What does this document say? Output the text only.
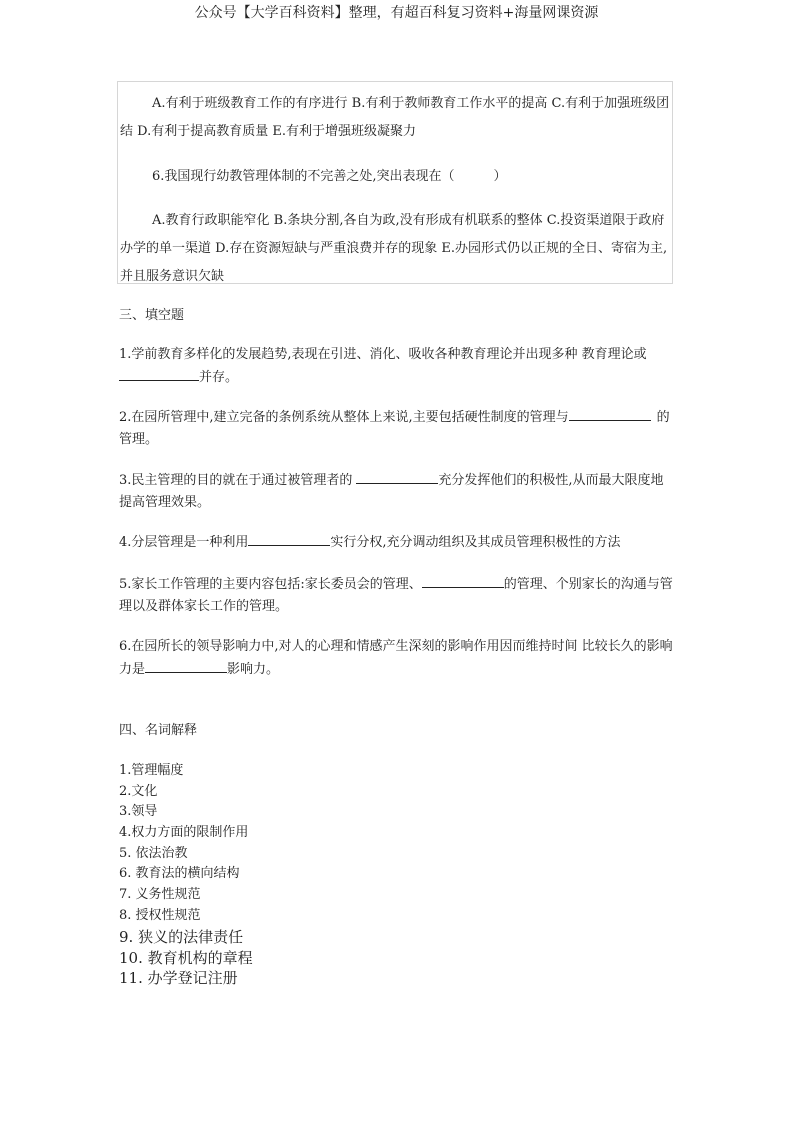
公众号【大学百科资料】整理，有超百科复习资料+海量网课资源

A.有利于班级教育工作的有序进行 B.有利于教师教育工作水平的提高 C.有利于加强班级团结 D.有利于提高教育质量 E.有利于增强班级凝聚力

6.我国现行幼教管理体制的不完善之处,突出表现在（　　　）

A.教育行政职能窄化 B.条块分割,各自为政,没有形成有机联系的整体 C.投资渠道限于政府办学的单一渠道 D.存在资源短缺与严重浪费并存的现象 E.办园形式仍以正规的全日、寄宿为主,并且服务意识欠缺

三、填空题

1.学前教育多样化的发展趋势,表现在引进、消化、吸收各种教育理论并出现多种 教育理论或并存。

2.在园所管理中,建立完备的条例系统从整体上来说,主要包括硬性制度的管理与	的管理。

3.民主管理的目的就在于通过被管理者的	充分发挥他们的积极性,从而最大限度地提高管理效果。

4.分层管理是一种利用	实行分权,充分调动组织及其成员管理积极性的方法

5.家长工作管理的主要内容包括:家长委员会的管理、	的管理、个别家长的沟通与管理以及群体家长工作的管理。

6.在园所长的领导影响力中,对人的心理和情感产生深刻的影响作用因而维持时间 比较长久的影响力是	影响力。

四、名词解释
1.管理幅度
2.文化
3.领导
4.权力方面的限制作用
5. 依法治教
6. 教育法的横向结构
7. 义务性规范
8. 授权性规范
9. 狭义的法律责任
10. 教育机构的章程
11. 办学登记注册
